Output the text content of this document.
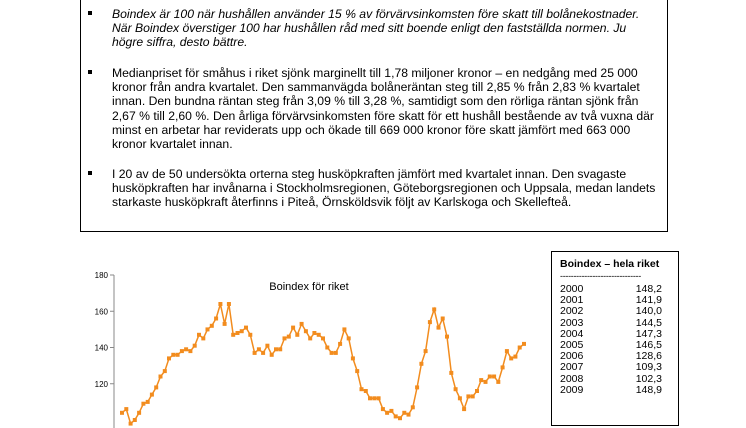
Boindex är 100 när hushållen använder 15 % av förvärvsinkomsten före skatt till bolånekostnader. När Boindex överstiger 100 har hushållen råd med sitt boende enligt den fastställda normen. Ju högre siffra, desto bättre.
Medianpriset för småhus i riket sjönk marginellt till 1,78 miljoner kronor – en nedgång med 25 000 kronor från andra kvartalet. Den sammanvägda bolåneräntan steg till 2,85 % från 2,83 % kvartalet innan. Den bundna räntan steg från 3,09 % till 3,28 %, samtidigt som den rörliga räntan sjönk från 2,67 % till 2,60 %. Den årliga förvärvsinkomsten före skatt för ett hushåll bestående av två vuxna där minst en arbetar har reviderats upp och ökade till 669 000 kronor före skatt jämfört med 663 000 kronor kvartalet innan.
I 20 av de 50 undersökta orterna steg husköpkraften jämfört med kvartalet innan. Den svagaste husköpkraften har invånarna i Stockholmsregionen, Göteborgsregionen och Uppsala, medan landets starkaste husköpkraft återfinns i Piteå, Örnsköldsvik följt av Karlskoga och Skellefteå.
180
160
140
120
Boindex för riket
Boindex – hela riket
------------------------------
2000	148,2
2001	141,9
2002	140,0
2003	144,5
2004	147,3
2005	146,5
2006	128,6
2007	109,3
2008	102,3
2009	148,9
